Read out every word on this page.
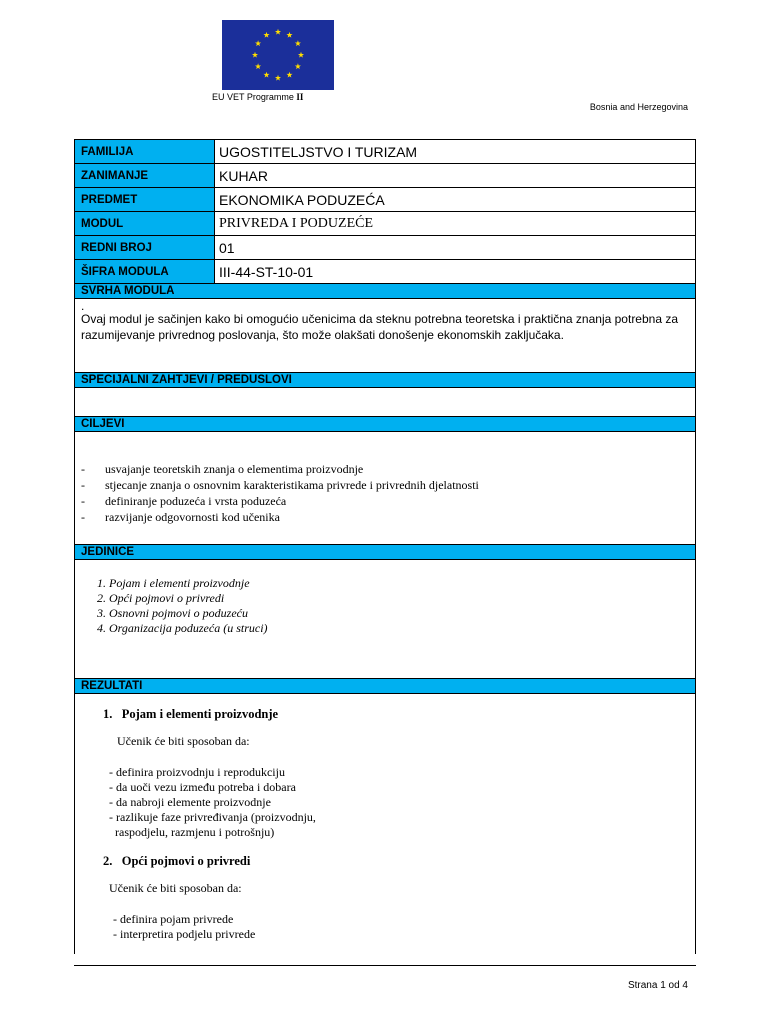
EU VET Programme II
Bosnia and Herzegovina
FAMILIJA	UGOSTITELJSTVO I TURIZAM
ZANIMANJE	KUHAR
PREDMET	EKONOMIKA PODUZEĆA
MODUL	PRIVREDA I PODUZEĆE
REDNI BROJ	01
ŠIFRA MODULA	III-44-ST-10-01
SVRHA MODULA
.
Ovaj modul je sačinjen kako bi omogućio učenicima da steknu potrebna teoretska i praktična znanja potrebna za razumijevanje privrednog poslovanja, što može olakšati donošenje ekonomskih zaključaka.
SPECIJALNI ZAHTJEVI / PREDUSLOVI
CILJEVI
-	usvajanje teoretskih znanja o elementima proizvodnje
-	stjecanje znanja o osnovnim karakteristikama privrede i privrednih djelatnosti
-	definiranje poduzeća i vrsta poduzeća
-	razvijanje odgovornosti kod učenika
JEDINICE
1. Pojam i elementi proizvodnje
2. Opći pojmovi o privredi
3. Osnovni pojmovi o poduzeću
4. Organizacija poduzeća (u struci)
REZULTATI
1.   Pojam i elementi proizvodnje
Učenik će biti sposoban da:
- definira proizvodnju i reprodukciju
- da uoči vezu između potreba i dobara
- da nabroji elemente proizvodnje
- razlikuje faze privređivanja (proizvodnju,
raspodjelu, razmjenu i potrošnju)
2.   Opći pojmovi o privredi
Učenik će biti sposoban da:
- definira pojam privrede
- interpretira podjelu privrede
Strana 1 od 4
